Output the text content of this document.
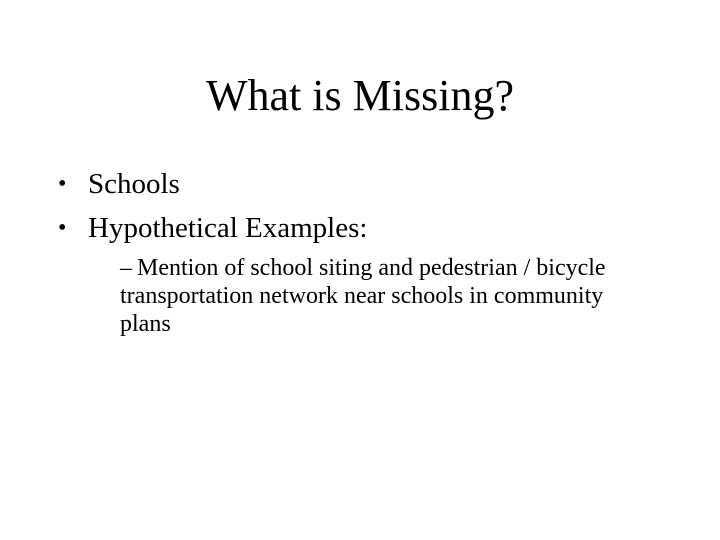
What is Missing?
• Schools
• Hypothetical Examples:
– Mention of school siting and pedestrian / bicycle transportation network near schools in community plans
